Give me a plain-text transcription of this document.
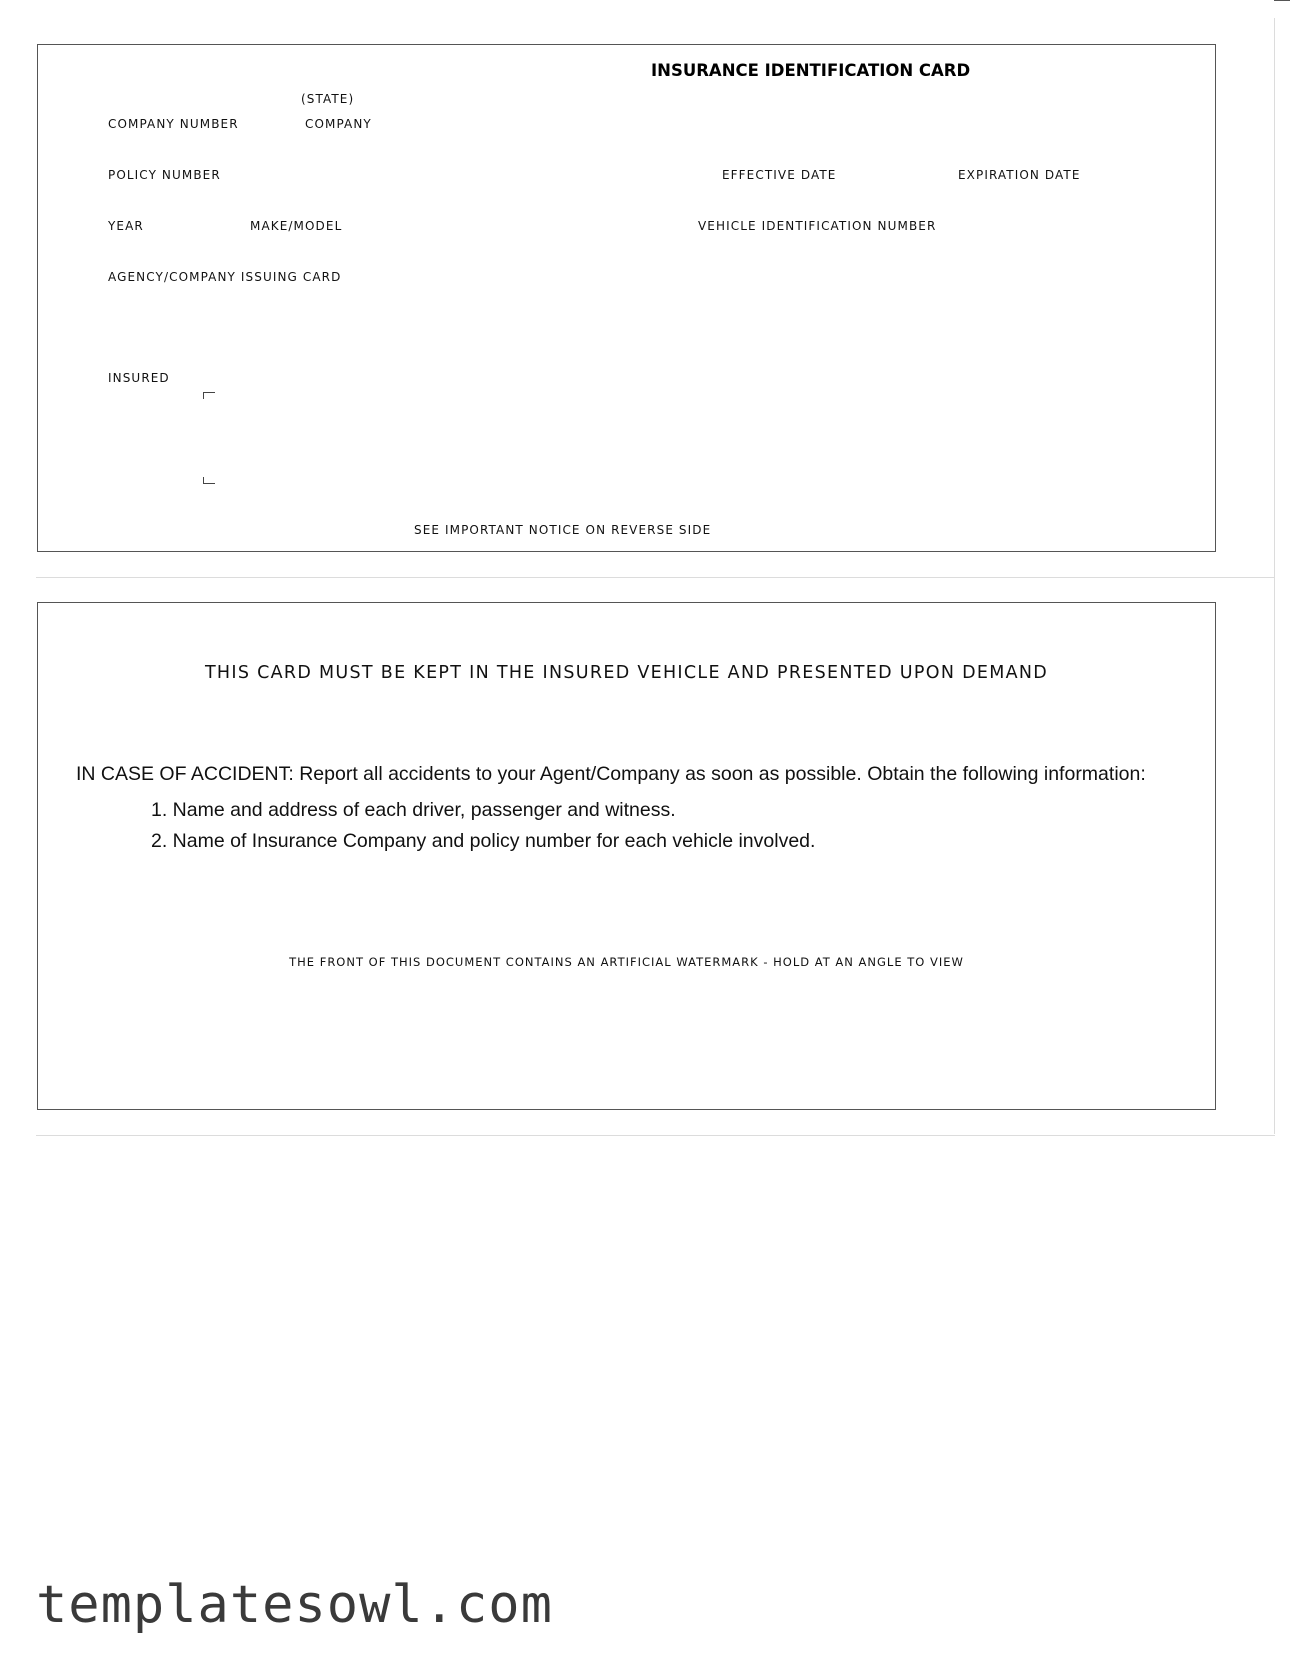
INSURANCE IDENTIFICATION CARD
(STATE)
COMPANY NUMBER	COMPANY
POLICY NUMBER	EFFECTIVE DATE	EXPIRATION DATE
YEAR	MAKE/MODEL	VEHICLE IDENTIFICATION NUMBER
AGENCY/COMPANY ISSUING CARD
INSURED
SEE IMPORTANT NOTICE ON REVERSE SIDE
THIS CARD MUST BE KEPT IN THE INSURED VEHICLE AND PRESENTED UPON DEMAND
IN CASE OF ACCIDENT: Report all accidents to your Agent/Company as soon as possible. Obtain the following information:
1. Name and address of each driver, passenger and witness.
2. Name of Insurance Company and policy number for each vehicle involved.
THE FRONT OF THIS DOCUMENT CONTAINS AN ARTIFICIAL WATERMARK - HOLD AT AN ANGLE TO VIEW
templatesowl.com
